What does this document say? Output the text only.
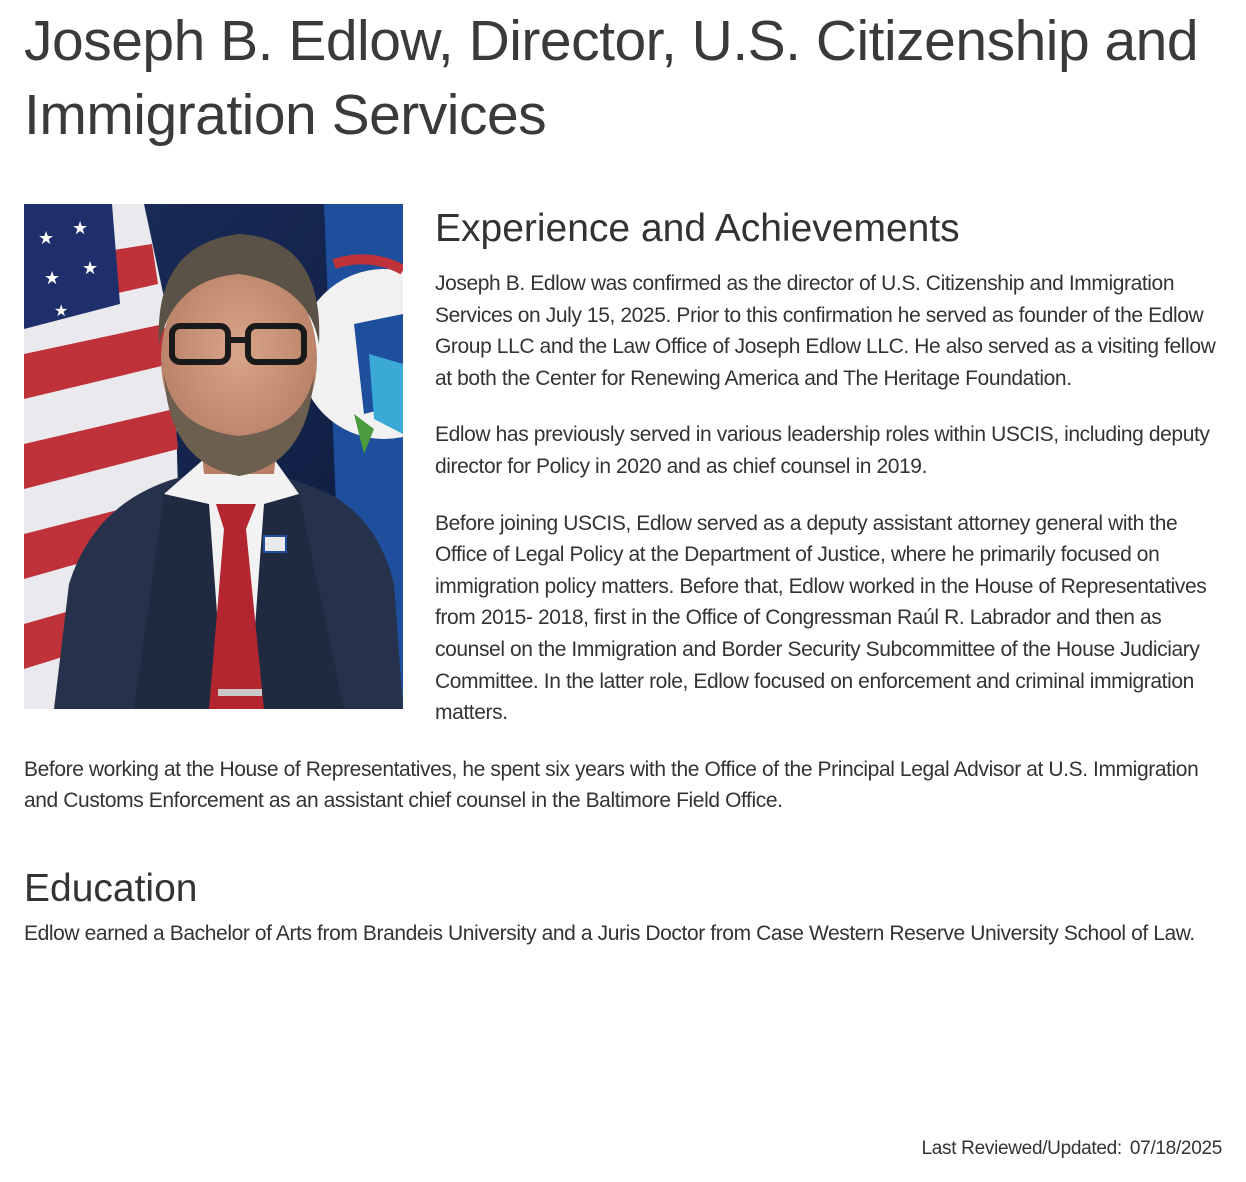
Joseph B. Edlow, Director, U.S. Citizenship and Immigration Services
★ ★
★ ★
★
J.S	Experience and Achievements

Joseph B. Edlow was confirmed as the director of U.S. Citizenship and Immigration Services on July 15, 2025. Prior to this confirmation he served as founder of the Edlow Group LLC and the Law Office of Joseph Edlow LLC. He also served as a visiting fellow at both the Center for Renewing America and The Heritage Foundation.

Edlow has previously served in various leadership roles within USCIS, including deputy director for Policy in 2020 and as chief counsel in 2019.

Before joining USCIS, Edlow served as a deputy assistant attorney general with the Office of Legal Policy at the Department of Justice, where he primarily focused on immigration policy matters. Before that, Edlow worked in the House of Representatives from 2015- 2018, first in the Office of Congressman Raúl R. Labrador and then as counsel on the Immigration and Border Security Subcommittee of the House Judiciary Committee. In the latter role, Edlow focused on enforcement and criminal immigration matters.

Before working at the House of Representatives, he spent six years with the Office of the Principal Legal Advisor at U.S. Immigration and Customs Enforcement as an assistant chief counsel in the Baltimore Field Office.

Education

Edlow earned a Bachelor of Arts from Brandeis University and a Juris Doctor from Case Western Reserve University School of Law.

Last Reviewed/Updated: 07/18/2025
